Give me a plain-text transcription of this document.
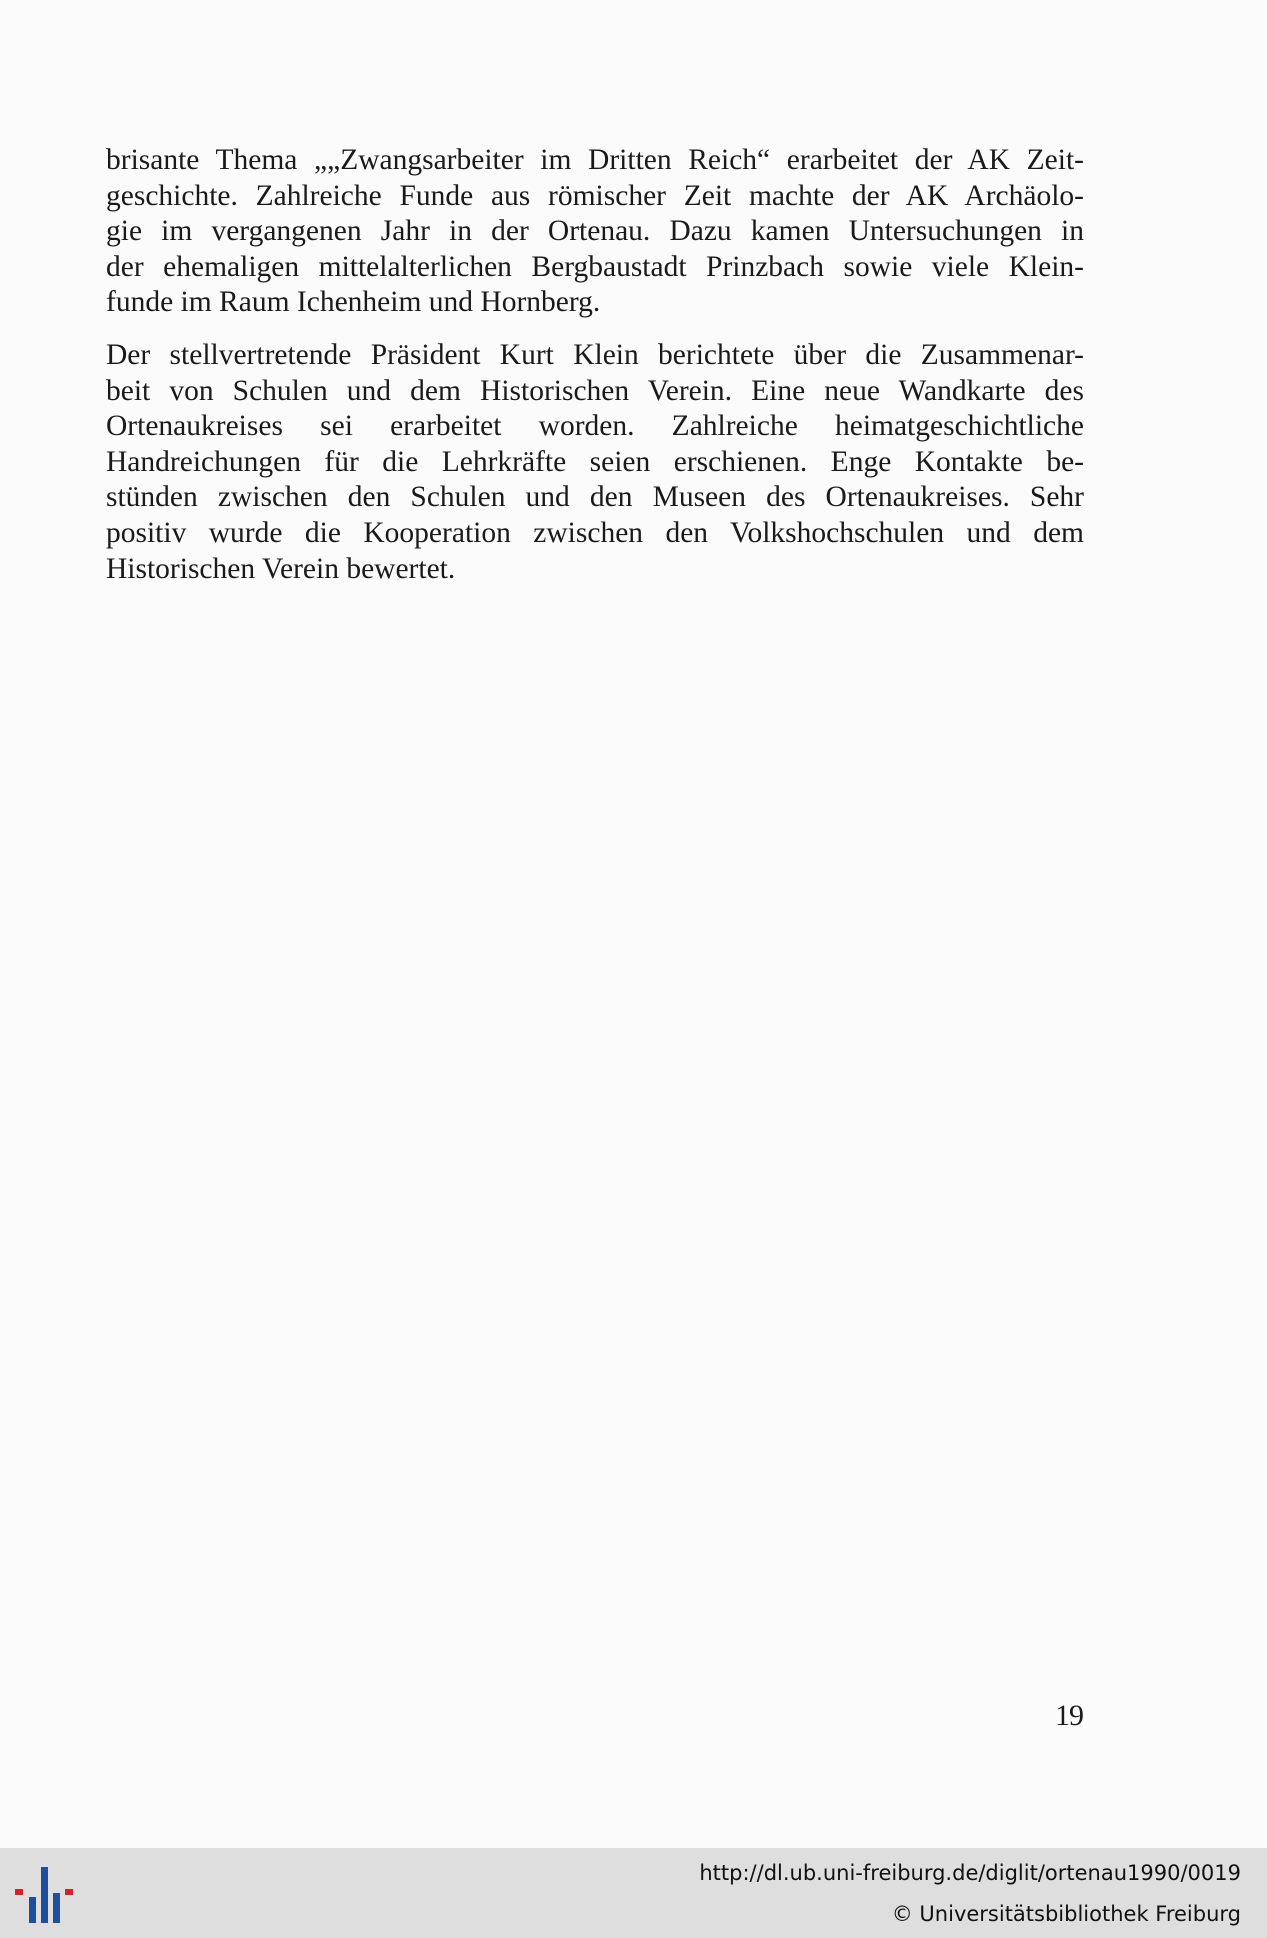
brisante Thema „„Zwangsarbeiter im Dritten Reich“ erarbeitet der AK Zeit-
geschichte. Zahlreiche Funde aus römischer Zeit machte der AK Archäolo-
gie im vergangenen Jahr in der Ortenau. Dazu kamen Untersuchungen in
der ehemaligen mittelalterlichen Bergbaustadt Prinzbach sowie viele Klein-
funde im Raum Ichenheim und Hornberg.
Der stellvertretende Präsident Kurt Klein berichtete über die Zusammenar-
beit von Schulen und dem Historischen Verein. Eine neue Wandkarte des
Ortenaukreises sei erarbeitet worden. Zahlreiche heimatgeschichtliche
Handreichungen für die Lehrkräfte seien erschienen. Enge Kontakte be-
stünden zwischen den Schulen und den Museen des Ortenaukreises. Sehr
positiv wurde die Kooperation zwischen den Volkshochschulen und dem
Historischen Verein bewertet.
19
http://dl.ub.uni-freiburg.de/diglit/ortenau1990/0019
© Universitätsbibliothek Freiburg
